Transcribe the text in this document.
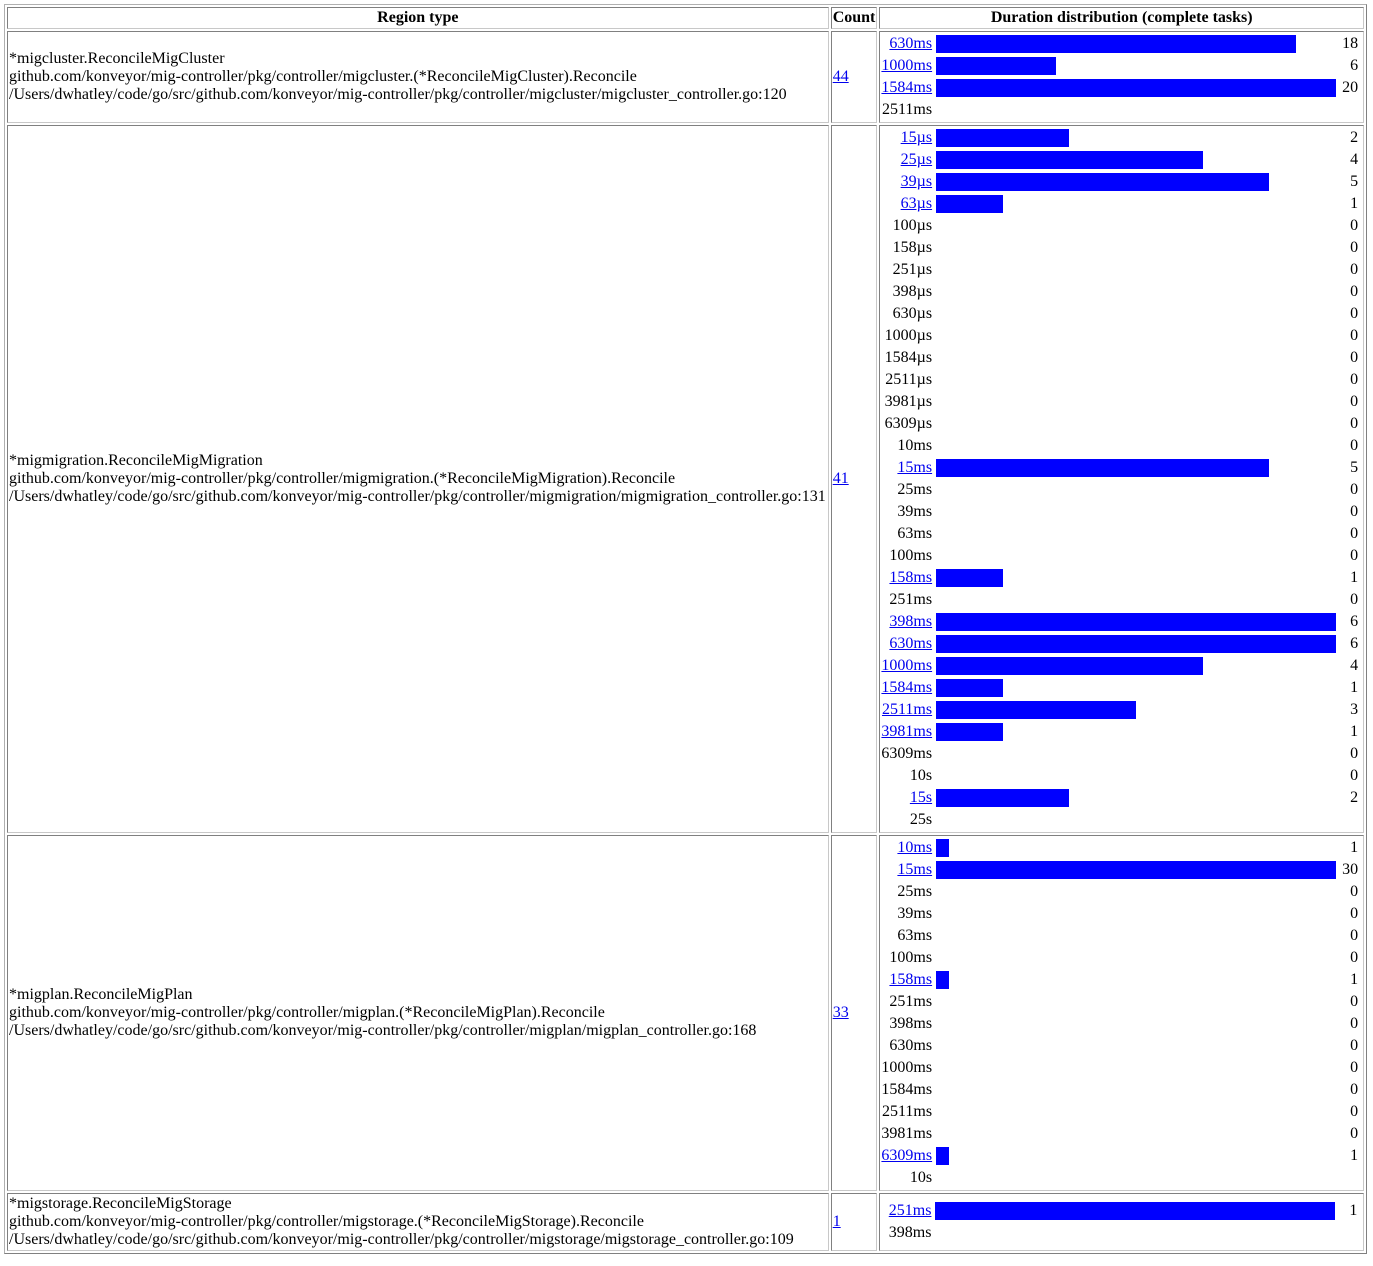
Region type	Count	Duration distribution (complete tasks)
*migcluster.ReconcileMigCluster
github.com/konveyor/mig-controller/pkg/controller/migcluster.(*ReconcileMigCluster).Reconcile
/Users/dwhatley/code/go/src/github.com/konveyor/mig-controller/pkg/controller/migcluster/migcluster_controller.go:120	44	
630ms		18
1000ms		6
1584ms		20
2511ms		

*migmigration.ReconcileMigMigration
github.com/konveyor/mig-controller/pkg/controller/migmigration.(*ReconcileMigMigration).Reconcile
/Users/dwhatley/code/go/src/github.com/konveyor/mig-controller/pkg/controller/migmigration/migmigration_controller.go:131	41	
15µs		2
25µs		4
39µs		5
63µs		1
100µs		0
158µs		0
251µs		0
398µs		0
630µs		0
1000µs		0
1584µs		0
2511µs		0
3981µs		0
6309µs		0
10ms		0
15ms		5
25ms		0
39ms		0
63ms		0
100ms		0
158ms		1
251ms		0
398ms		6
630ms		6
1000ms		4
1584ms		1
2511ms		3
3981ms		1
6309ms		0
10s		0
15s		2
25s		

*migplan.ReconcileMigPlan
github.com/konveyor/mig-controller/pkg/controller/migplan.(*ReconcileMigPlan).Reconcile
/Users/dwhatley/code/go/src/github.com/konveyor/mig-controller/pkg/controller/migplan/migplan_controller.go:168	33	
10ms		1
15ms		30
25ms		0
39ms		0
63ms		0
100ms		0
158ms		1
251ms		0
398ms		0
630ms		0
1000ms		0
1584ms		0
2511ms		0
3981ms		0
6309ms		1
10s		

*migstorage.ReconcileMigStorage
github.com/konveyor/mig-controller/pkg/controller/migstorage.(*ReconcileMigStorage).Reconcile
/Users/dwhatley/code/go/src/github.com/konveyor/mig-controller/pkg/controller/migstorage/migstorage_controller.go:109	1	
251ms		1
398ms		
